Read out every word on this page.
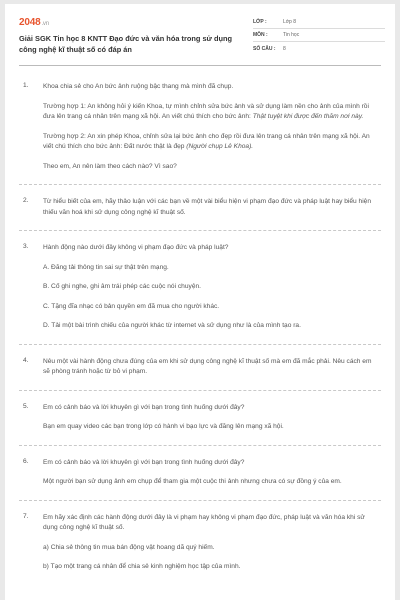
2048.vn
Giải SGK Tin học 8 KNTT Đạo đức và văn hóa trong sử dụng công nghệ kĩ thuật số có đáp án
LỚP :	Lớp 8
MÔN :	Tin học
SỐ CÂU :	8
1. Khoa chia sẻ cho An bức ảnh ruộng bậc thang mà mình đã chụp.
Trường hợp 1: An không hỏi ý kiến Khoa, tự mình chỉnh sửa bức ảnh và sử dụng làm nền cho ảnh của mình rồi đưa lên trang cá nhân trên mạng xã hội. An viết chú thích cho bức ảnh: Thật tuyệt khi được đến thăm nơi này.
Trường hợp 2: An xin phép Khoa, chỉnh sửa lại bức ảnh cho đẹp rồi đưa lên trang cá nhân trên mạng xã hội. An viết chú thích cho bức ảnh: Đất nước thật là đẹp (Người chụp Lê Khoa).
Theo em, An nên làm theo cách nào? Vì sao?
2. Từ hiểu biết của em, hãy thảo luận với các bạn về một vài biểu hiện vi phạm đạo đức và pháp luật hay biểu hiện thiếu văn hoá khi sử dụng công nghệ kĩ thuật số.
3. Hành động nào dưới đây không vi phạm đạo đức và pháp luật?
A. Đăng tải thông tin sai sự thật trên mạng.
B. Cố ghi nghe, ghi âm trái phép các cuộc nói chuyện.
C. Tặng đĩa nhạc có bản quyền em đã mua cho người khác.
D. Tải một bài trình chiếu của người khác từ internet và sử dụng như là của mình tạo ra.
4. Nêu một vài hành động chưa đúng của em khi sử dụng công nghệ kĩ thuật số mà em đã mắc phải. Nêu cách em sẽ phòng tránh hoặc từ bỏ vi phạm.
5. Em có cảnh báo và lời khuyên gì với bạn trong tình huống dưới đây?
Bạn em quay video các bạn trong lớp có hành vi bạo lực và đăng lên mạng xã hội.
6. Em có cảnh báo và lời khuyên gì với bạn trong tình huống dưới đây?
Một người bạn sử dụng ảnh em chụp để tham gia một cuộc thi ảnh nhưng chưa có sự đồng ý của em.
7. Em hãy xác định các hành động dưới đây là vi phạm hay không vi phạm đạo đức, pháp luật và văn hóa khi sử dụng công nghệ kĩ thuật số.
a) Chia sẻ thông tin mua bán động vật hoang dã quý hiếm.
b) Tạo một trang cá nhân để chia sẻ kinh nghiệm học tập của mình.
